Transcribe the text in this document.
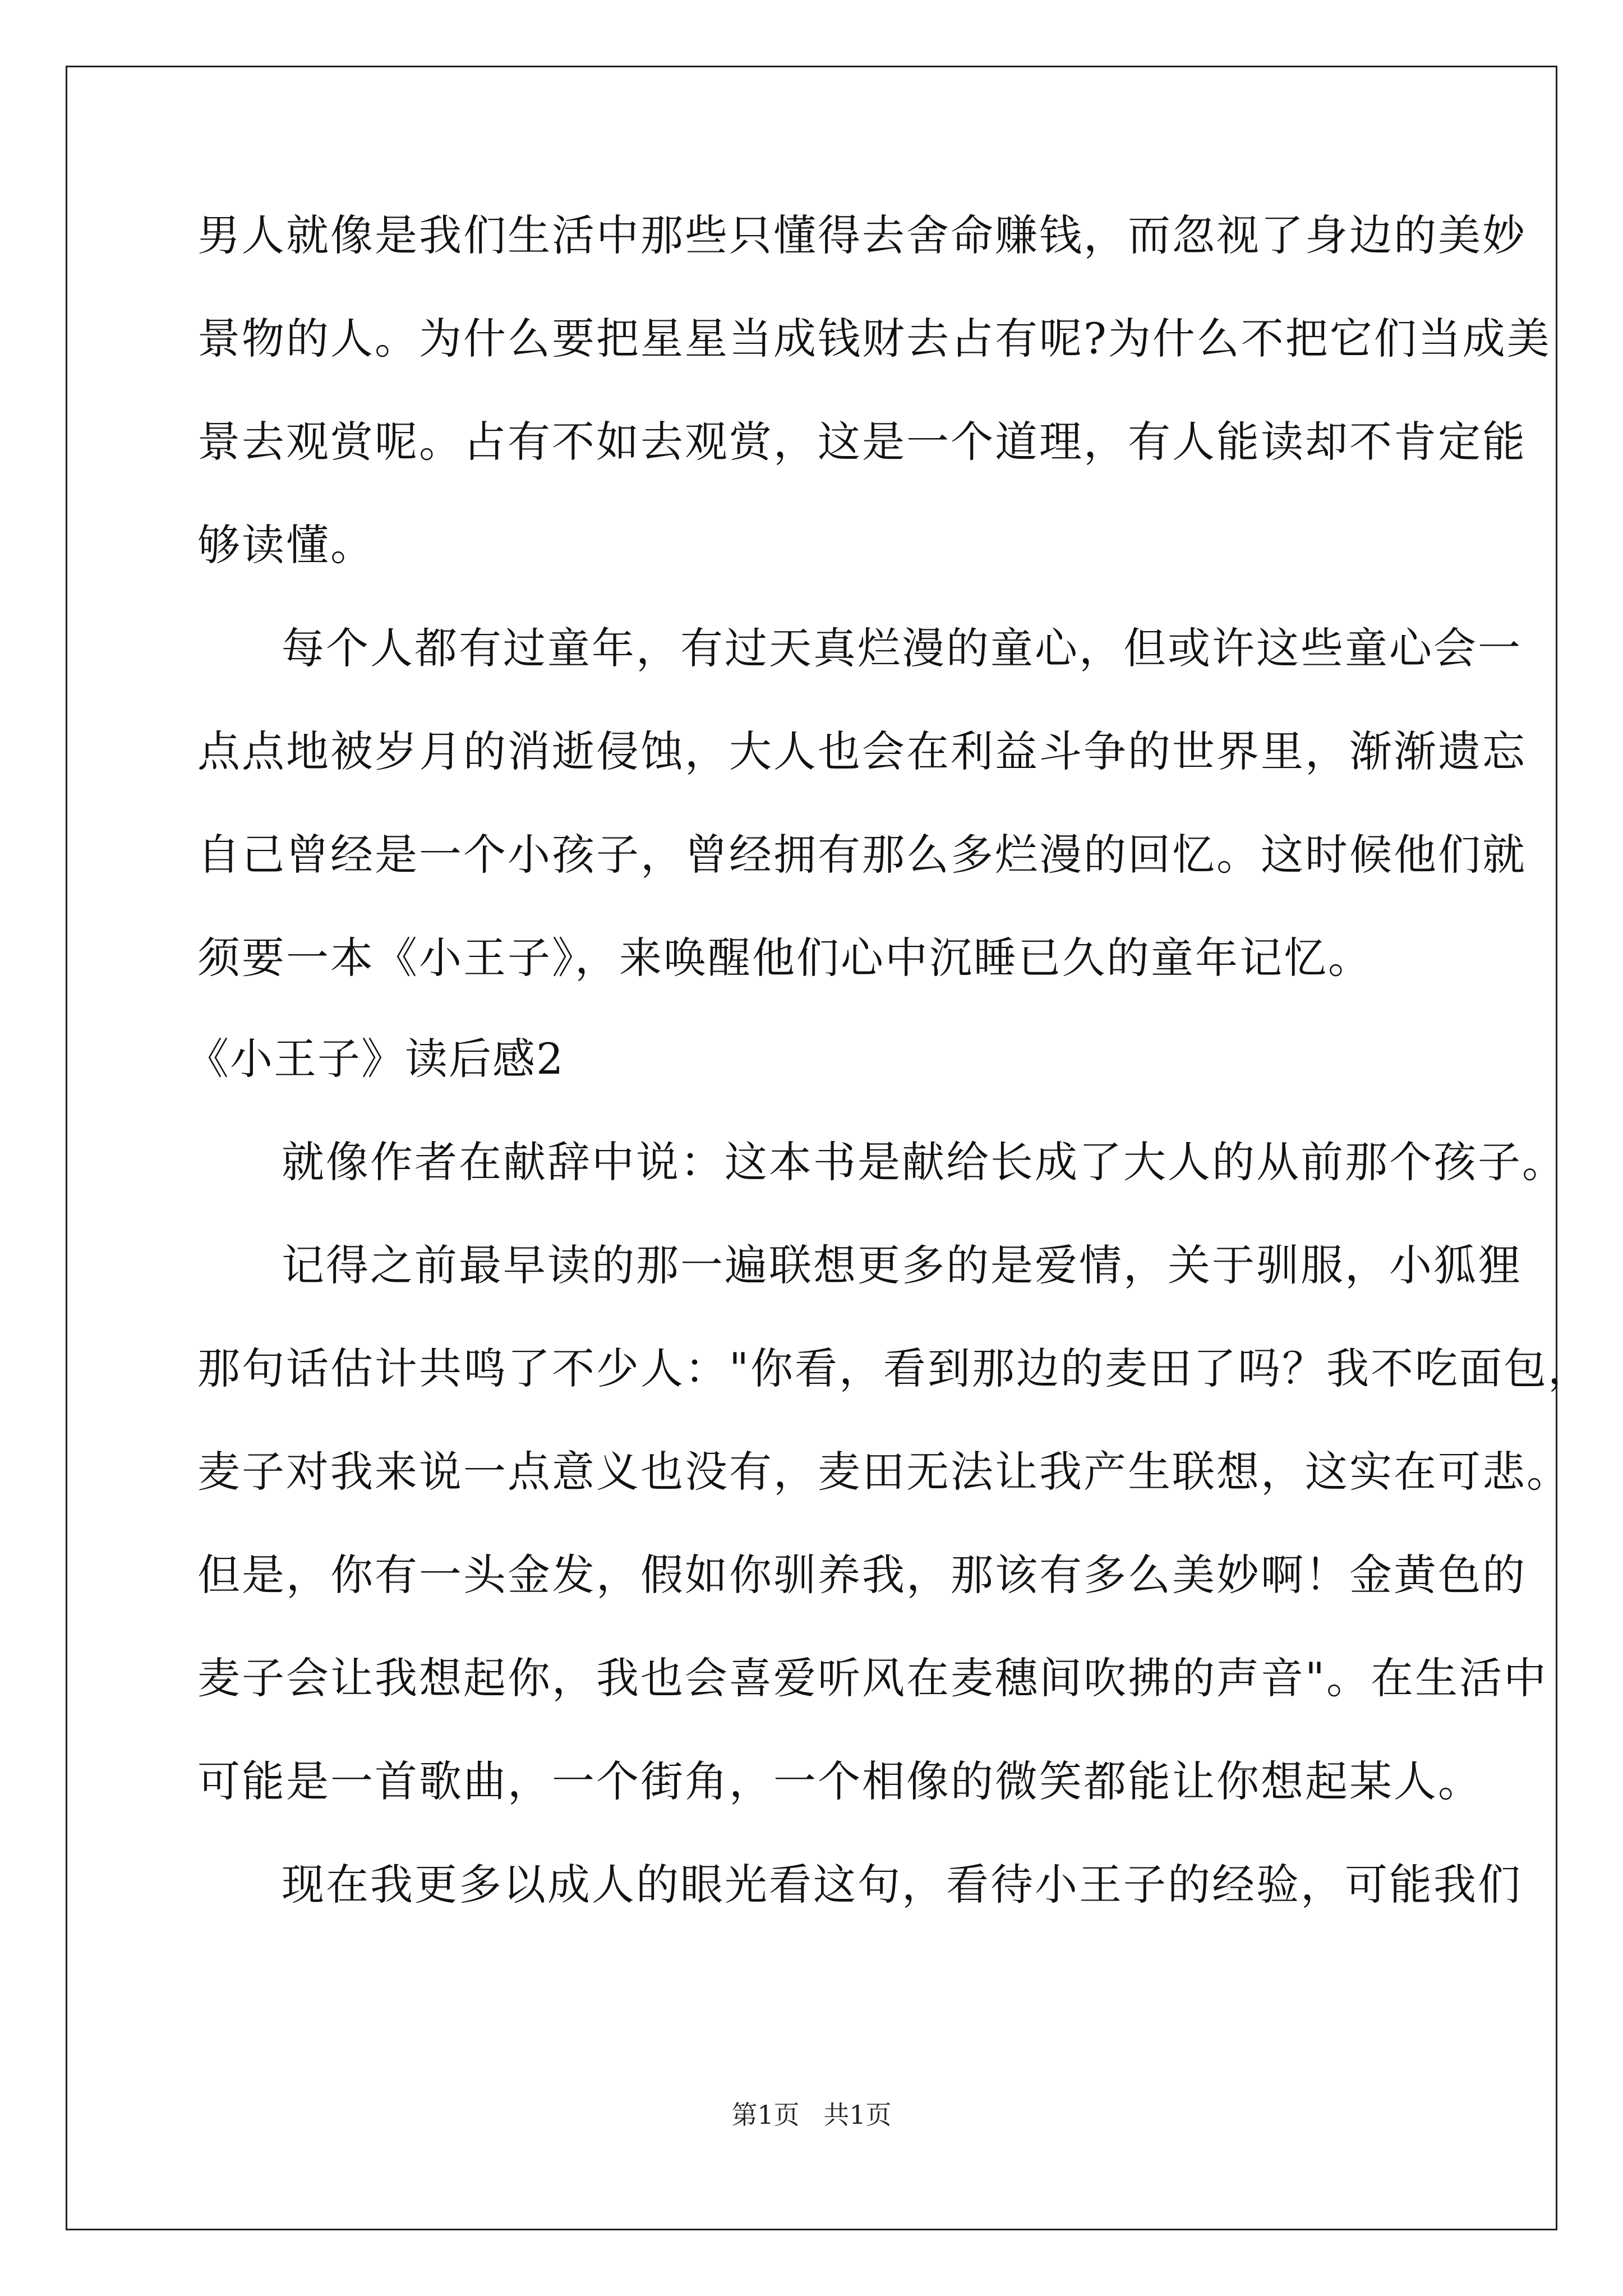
男人就像是我们生活中那些只懂得去舍命赚钱，而忽视了身边的美妙
景物的人。为什么要把星星当成钱财去占有呢?为什么不把它们当成美
景去观赏呢。占有不如去观赏，这是一个道理，有人能读却不肯定能
够读懂。
每个人都有过童年，有过天真烂漫的童心，但或许这些童心会一
点点地被岁月的消逝侵蚀，大人也会在利益斗争的世界里，渐渐遗忘
自己曾经是一个小孩子，曾经拥有那么多烂漫的回忆。这时候他们就
须要一本《小王子》，来唤醒他们心中沉睡已久的童年记忆。
《小王子》读后感2
就像作者在献辞中说：这本书是献给长成了大人的从前那个孩子。
记得之前最早读的那一遍联想更多的是爱情，关于驯服，小狐狸
那句话估计共鸣了不少人："你看，看到那边的麦田了吗？我不吃面包，
麦子对我来说一点意义也没有，麦田无法让我产生联想，这实在可悲。
但是，你有一头金发，假如你驯养我，那该有多么美妙啊！金黄色的
麦子会让我想起你，我也会喜爱听风在麦穗间吹拂的声音"。在生活中
可能是一首歌曲，一个街角，一个相像的微笑都能让你想起某人。
现在我更多以成人的眼光看这句，看待小王子的经验，可能我们
第1页 共1页
